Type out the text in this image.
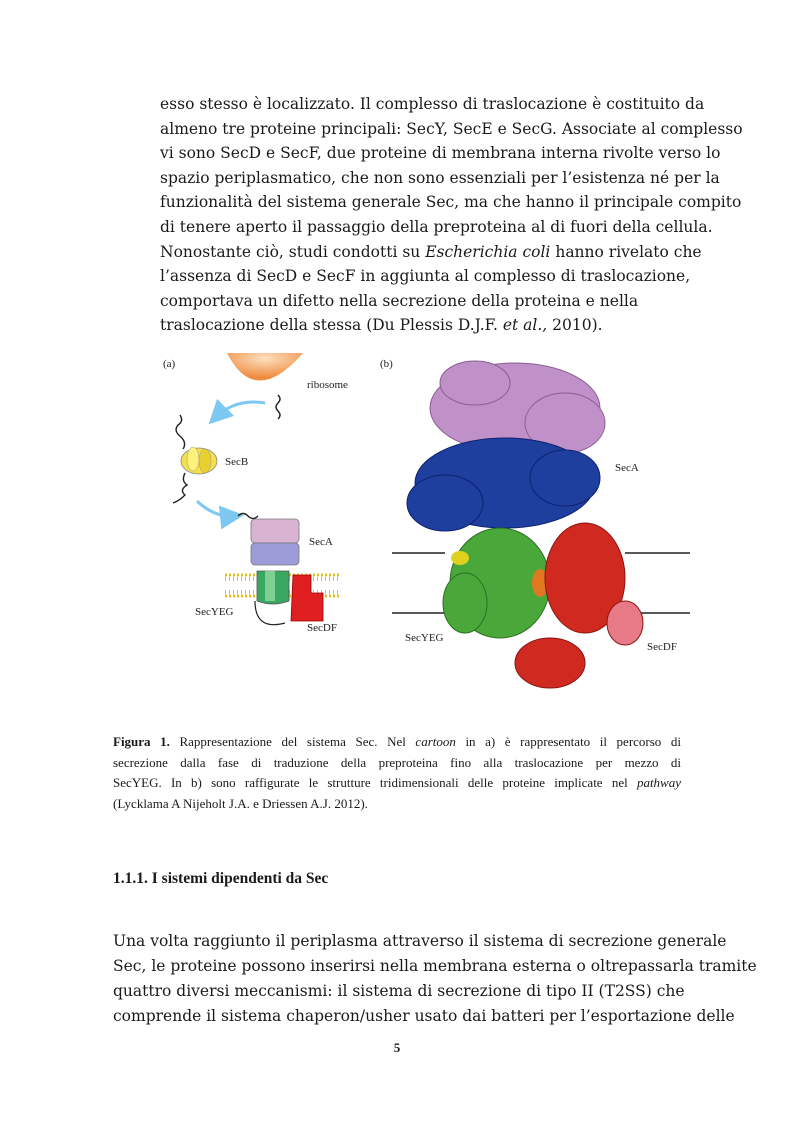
esso stesso è localizzato. Il complesso di traslocazione è costituito da
almeno tre proteine principali: SecY, SecE e SecG. Associate al complesso
vi sono SecD e SecF, due proteine di membrana interna rivolte verso lo
spazio periplasmatico, che non sono essenziali per l’esistenza né per la
funzionalità del sistema generale Sec, ma che hanno il principale compito
di tenere aperto il passaggio della preproteina al di fuori della cellula.
Nonostante ciò, studi condotti su Escherichia coli hanno rivelato che
l’assenza di SecD e SecF in aggiunta al complesso di traslocazione,
comportava un difetto nella secrezione della proteina e nella
traslocazione della stessa (Du Plessis D.J.F. et al., 2010).
(a)
ribosome
SecB
SecA
SecYEG
SecDF
(b)
SecA
SecYEG
SecDF
Figura 1. Rappresentazione del sistema Sec. Nel cartoon in a) è rappresentato il percorso di
secrezione dalla fase di traduzione della preproteina fino alla traslocazione per mezzo di
SecYEG. In b) sono raffigurate le strutture tridimensionali delle proteine implicate nel pathway
(Lycklama A Nijeholt J.A. e Driessen A.J. 2012).
1.1.1. I sistemi dipendenti da Sec
Una volta raggiunto il periplasma attraverso il sistema di secrezione generale
Sec, le proteine possono inserirsi nella membrana esterna o oltrepassarla tramite
quattro diversi meccanismi: il sistema di secrezione di tipo II (T2SS) che
comprende il sistema chaperon/usher usato dai batteri per l’esportazione delle
5
